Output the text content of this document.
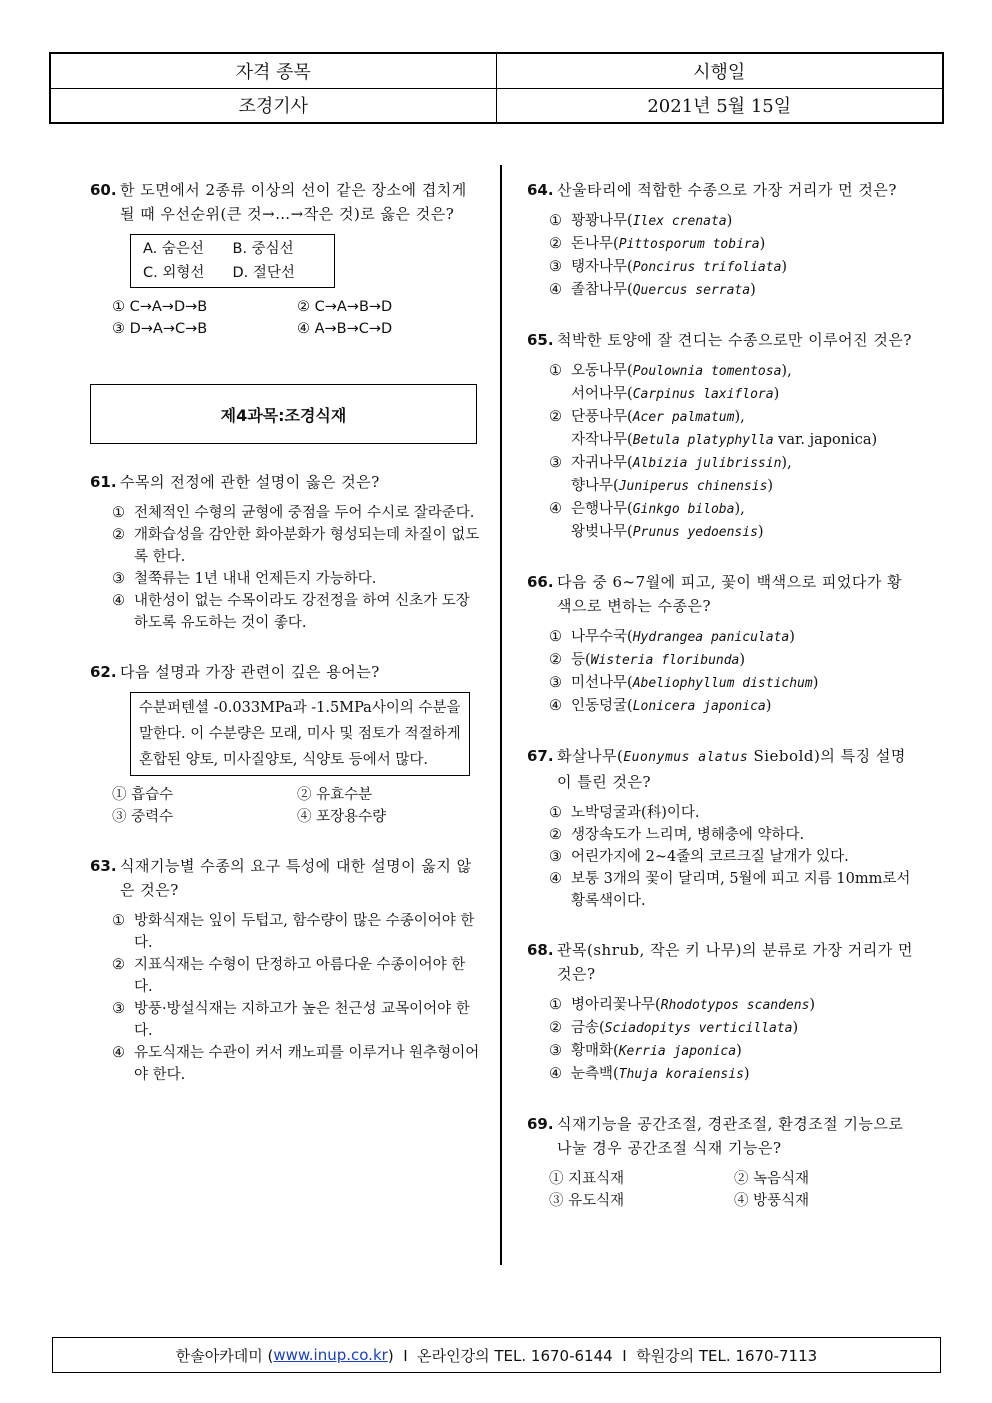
자격 종목	시행일
조경기사	2021년 5월 15일
60. 한 도면에서 2종류 이상의 선이 같은 장소에 겹치게 될 때 우선순위(큰 것→…→작은 것)로 옳은 것은?
A. 숨은선	B. 중심선
C. 외형선	D. 절단선
① C→A→D→B	② C→A→B→D
③ D→A→C→B	④ A→B→C→D
제4과목:조경식재
61. 수목의 전정에 관한 설명이 옳은 것은?
① 전체적인 수형의 균형에 중점을 두어 수시로 잘라준다.
② 개화습성을 감안한 화아분화가 형성되는데 차질이 없도록 한다.
③ 철쭉류는 1년 내내 언제든지 가능하다.
④ 내한성이 없는 수목이라도 강전정을 하여 신초가 도장하도록 유도하는 것이 좋다.
62. 다음 설명과 가장 관련이 깊은 용어는?
수분퍼텐셜 -0.033MPa과 -1.5MPa사이의 수분을 말한다. 이 수분량은 모래, 미사 및 점토가 적절하게 혼합된 양토, 미사질양토, 식양토 등에서 많다.
① 흡습수	② 유효수분
③ 중력수	④ 포장용수량
63. 식재기능별 수종의 요구 특성에 대한 설명이 옳지 않은 것은?
① 방화식재는 잎이 두텁고, 함수량이 많은 수종이어야 한다.
② 지표식재는 수형이 단정하고 아름다운 수종이어야 한다.
③ 방풍·방설식재는 지하고가 높은 천근성 교목이어야 한다.
④ 유도식재는 수관이 커서 캐노피를 이루거나 원추형이어야 한다.
64. 산울타리에 적합한 수종으로 가장 거리가 먼 것은?
① 꽝꽝나무(Ilex crenata)
② 돈나무(Pittosporum tobira)
③ 탱자나무(Poncirus trifoliata)
④ 졸참나무(Quercus serrata)
65. 척박한 토양에 잘 견디는 수종으로만 이루어진 것은?
① 오동나무(Poulownia tomentosa),
서어나무(Carpinus laxiflora)
② 단풍나무(Acer palmatum),
자작나무(Betula platyphylla var. japonica)
③ 자귀나무(Albizia julibrissin),
향나무(Juniperus chinensis)
④ 은행나무(Ginkgo biloba),
왕벚나무(Prunus yedoensis)
66. 다음 중 6~7월에 피고, 꽃이 백색으로 피었다가 황색으로 변하는 수종은?
① 나무수국(Hydrangea paniculata)
② 등(Wisteria floribunda)
③ 미선나무(Abeliophyllum distichum)
④ 인동덩굴(Lonicera japonica)
67. 화살나무(Euonymus alatus Siebold)의 특징 설명이 틀린 것은?
① 노박덩굴과(科)이다.
② 생장속도가 느리며, 병해충에 약하다.
③ 어린가지에 2~4줄의 코르크질 날개가 있다.
④ 보통 3개의 꽃이 달리며, 5월에 피고 지름 10mm로서 황록색이다.
68. 관목(shrub, 작은 키 나무)의 분류로 가장 거리가 먼 것은?
① 병아리꽃나무(Rhodotypos scandens)
② 금송(Sciadopitys verticillata)
③ 황매화(Kerria japonica)
④ 눈측백(Thuja koraiensis)
69. 식재기능을 공간조절, 경관조절, 환경조절 기능으로 나눌 경우 공간조절 식재 기능은?
① 지표식재	② 녹음식재
③ 유도식재	④ 방풍식재
한솔아카데미 ( www.inup.co.kr )  I  온라인강의 TEL. 1670-6144  I  학원강의 TEL. 1670-7113
